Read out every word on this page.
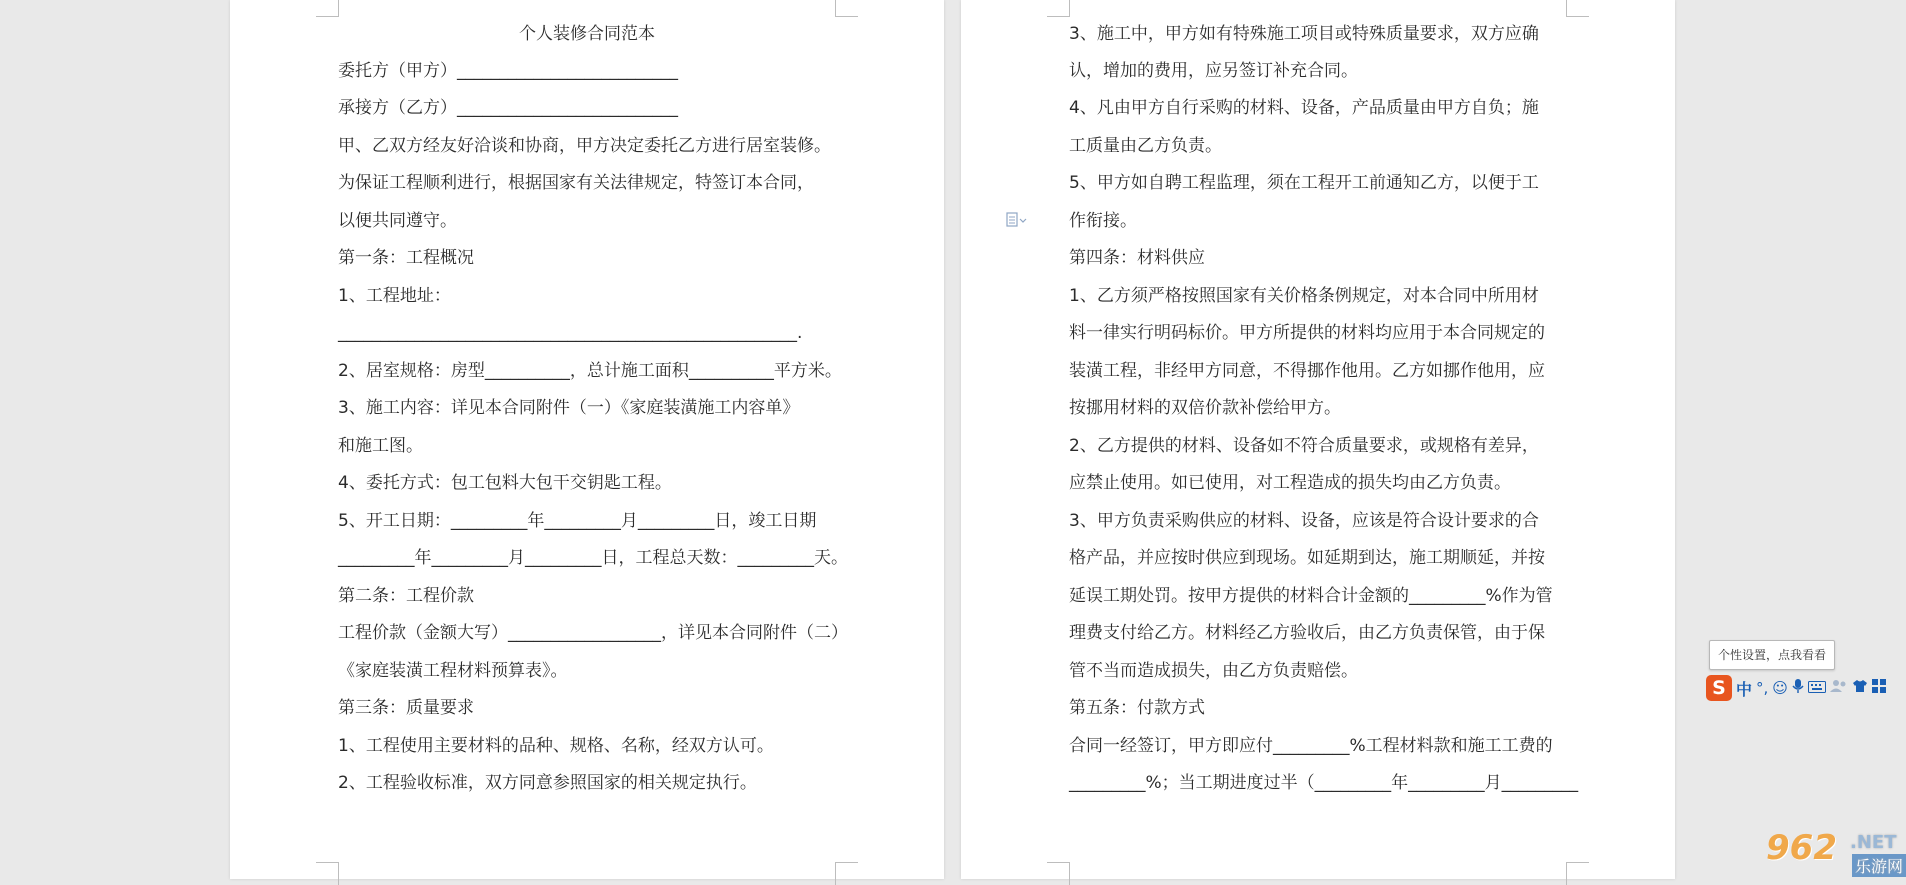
个人装修合同范本
委托方（甲方）__________________________
承接方（乙方）__________________________
甲、乙双方经友好洽谈和协商，甲方决定委托乙方进行居室装修。
为保证工程顺利进行，根据国家有关法律规定，特签订本合同，
以便共同遵守。
第一条：工程概况
1、工程地址：
______________________________________________________.
2、居室规格：房型__________，总计施工面积__________平方米。
3、施工内容：详见本合同附件（一）《家庭装潢施工内容单》
和施工图。
4、委托方式：包工包料大包干交钥匙工程。
5、开工日期：_________年_________月_________日，竣工日期
_________年_________月_________日，工程总天数：_________天。
第二条：工程价款
工程价款（金额大写）__________________，详见本合同附件（二）
《家庭装潢工程材料预算表》。
第三条：质量要求
1、工程使用主要材料的品种、规格、名称，经双方认可。
2、工程验收标准，双方同意参照国家的相关规定执行。
3、施工中，甲方如有特殊施工项目或特殊质量要求，双方应确
认，增加的费用，应另签订补充合同。
4、凡由甲方自行采购的材料、设备，产品质量由甲方自负；施
工质量由乙方负责。
5、甲方如自聘工程监理，须在工程开工前通知乙方，以便于工
作衔接。
第四条：材料供应
1、乙方须严格按照国家有关价格条例规定，对本合同中所用材
料一律实行明码标价。甲方所提供的材料均应用于本合同规定的
装潢工程，非经甲方同意，不得挪作他用。乙方如挪作他用，应
按挪用材料的双倍价款补偿给甲方。
2、乙方提供的材料、设备如不符合质量要求，或规格有差异，
应禁止使用。如已使用，对工程造成的损失均由乙方负责。
3、甲方负责采购供应的材料、设备，应该是符合设计要求的合
格产品，并应按时供应到现场。如延期到达，施工期顺延，并按
延误工期处罚。按甲方提供的材料合计金额的_________%作为管
理费支付给乙方。材料经乙方验收后，由乙方负责保管，由于保
管不当而造成损失，由乙方负责赔偿。
第五条：付款方式
合同一经签订，甲方即应付_________%工程材料款和施工工费的
_________%；当工期进度过半（_________年_________月_________
个性设置，点我看看
S 中 °, ☺
962 .NET
乐游网
